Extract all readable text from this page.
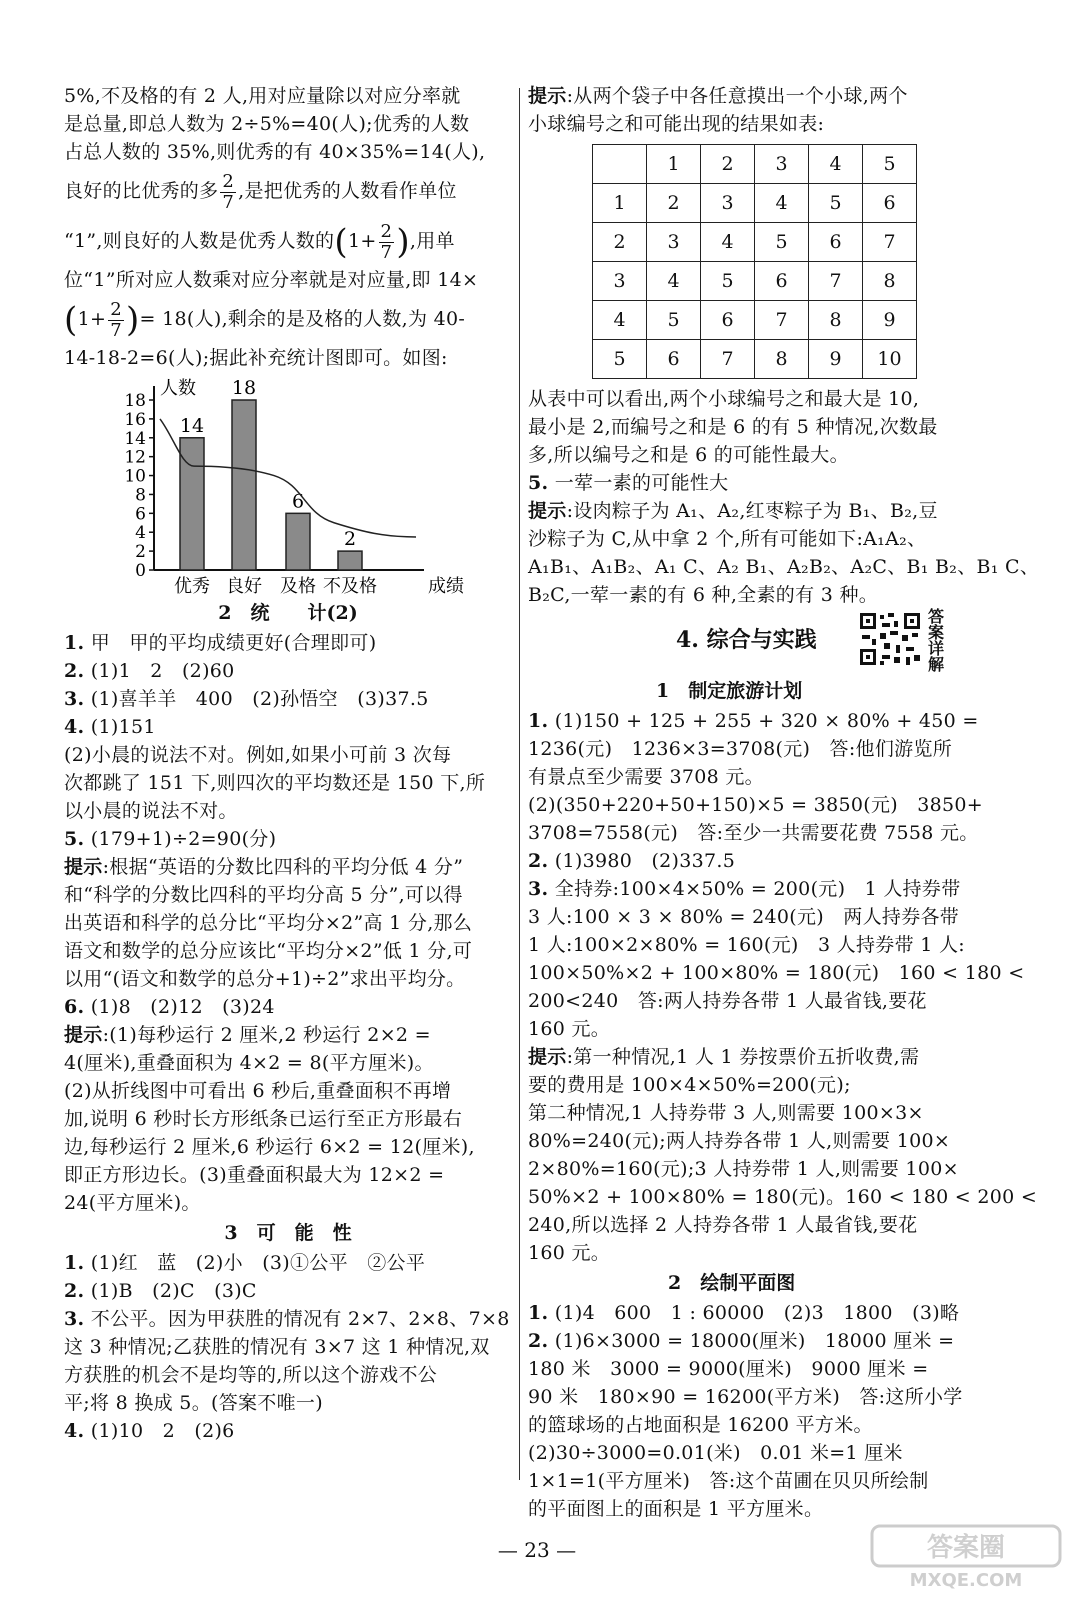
5%,不及格的有 2 人,用对应量除以对应分率就
是总量,即总人数为 2÷5%=40(人);优秀的人数
占总人数的 35%,则优秀的有 40×35%=14(人),
良好的比优秀的多 $\frac{2}{7}$ ,是把优秀的人数看作单位
“1”,则良好的人数是优秀人数的($1+ \frac{2}{7}$ ),用单
位“1”所对应人数乘对应分率就是对应量,即 14×
($1+ \frac{2}{7}$ )= 18(人),剩余的是及格的人数,为 40-
14-18-2=6(人);据此补充统计图即可。如图:
人数
0
2
4
6
8
10
12
14
16
18
14
优秀
18
良好
6
及格
2
不及格	成绩
2　统　　计(2)
1. 甲　甲的平均成绩更好(合理即可)
2. (1)1　2　(2)60
3. (1)喜羊羊　400　(2)孙悟空　(3)37.5
4. (1)151
(2)小晨的说法不对。例如,如果小可前 3 次每
次都跳了 151 下,则四次的平均数还是 150 下,所
以小晨的说法不对。
5. (179+1)÷2=90(分)
提示:根据“英语的分数比四科的平均分低 4 分”
和“科学的分数比四科的平均分高 5 分”,可以得
出英语和科学的总分比“平均分×2”高 1 分,那么
语文和数学的总分应该比“平均分×2”低 1 分,可
以用“(语文和数学的总分+1)÷2”求出平均分。
6. (1)8　(2)12　(3)24
提示:(1)每秒运行 2 厘米,2 秒运行 2×2 =
4(厘米),重叠面积为 4×2 = 8(平方厘米)。
(2)从折线图中可看出 6 秒后,重叠面积不再增
加,说明 6 秒时长方形纸条已运行至正方形最右
边,每秒运行 2 厘米,6 秒运行 6×2 = 12(厘米),
即正方形边长。(3)重叠面积最大为 12×2 =
24(平方厘米)。
3　可　能　性
1. (1)红　蓝　(2)小　(3)①公平　②公平
2. (1)B　(2)C　(3)C
3. 不公平。因为甲获胜的情况有 2×7、2×8、7×8
这 3 种情况;乙获胜的情况有 3×7 这 1 种情况,双
方获胜的机会不是均等的,所以这个游戏不公
平;将 8 换成 5。(答案不唯一)
4. (1)10　2　(2)6
提示:从两个袋子中各任意摸出一个小球,两个
小球编号之和可能出现的结果如表:
	1	2	3	4	5
1	2	3	4	5	6
2	3	4	5	6	7
3	4	5	6	7	8
4	5	6	7	8	9
5	6	7	8	9	10
从表中可以看出,两个小球编号之和最大是 10,
最小是 2,而编号之和是 6 的有 5 种情况,次数最
多,所以编号之和是 6 的可能性最大。
5. 一荤一素的可能性大
提示:设肉粽子为 A₁、A₂,红枣粽子为 B₁、B₂,豆
沙粽子为 C,从中拿 2 个,所有可能如下:A₁A₂、
A₁B₁、A₁B₂、A₁ C、A₂ B₁、A₂B₂、A₂C、B₁ B₂、B₁ C、
B₂C,一荤一素的有 6 种,全素的有 3 种。
4. 综合与实践
答
案
详
解
1　制定旅游计划
1. (1)150 + 125 + 255 + 320 × 80% + 450 =
1236(元)　1236×3=3708(元)　答:他们游览所
有景点至少需要 3708 元。
(2)(350+220+50+150)×5 = 3850(元)　3850+
3708=7558(元)　答:至少一共需要花费 7558 元。
2. (1)3980　(2)337.5
3. 全持券:100×4×50% = 200(元)　1 人持券带
3 人:100 × 3 × 80% = 240(元)　两人持券各带
1 人:100×2×80% = 160(元)　3 人持券带 1 人:
100×50%×2 + 100×80% = 180(元)　160 < 180 <
200<240　答:两人持券各带 1 人最省钱,要花
160 元。
提示:第一种情况,1 人 1 券按票价五折收费,需
要的费用是 100×4×50%=200(元);
第二种情况,1 人持券带 3 人,则需要 100×3×
80%=240(元);两人持券各带 1 人,则需要 100×
2×80%=160(元);3 人持券带 1 人,则需要 100×
50%×2 + 100×80% = 180(元)。160 < 180 < 200 <
240,所以选择 2 人持券各带 1 人最省钱,要花
160 元。
2　绘制平面图
1. (1)4　600　1 : 60000　(2)3　1800　(3)略
2. (1)6×3000 = 18000(厘米)　18000 厘米 =
180 米　3000 = 9000(厘米)　9000 厘米 =
90 米　180×90 = 16200(平方米)　答:这所小学
的篮球场的占地面积是 16200 平方米。
(2)30÷3000=0.01(米)　0.01 米=1 厘米
1×1=1(平方厘米)　答:这个苗圃在贝贝所绘制
的平面图上的面积是 1 平方厘米。
— 23 —	答案圈
MXQE.COM
